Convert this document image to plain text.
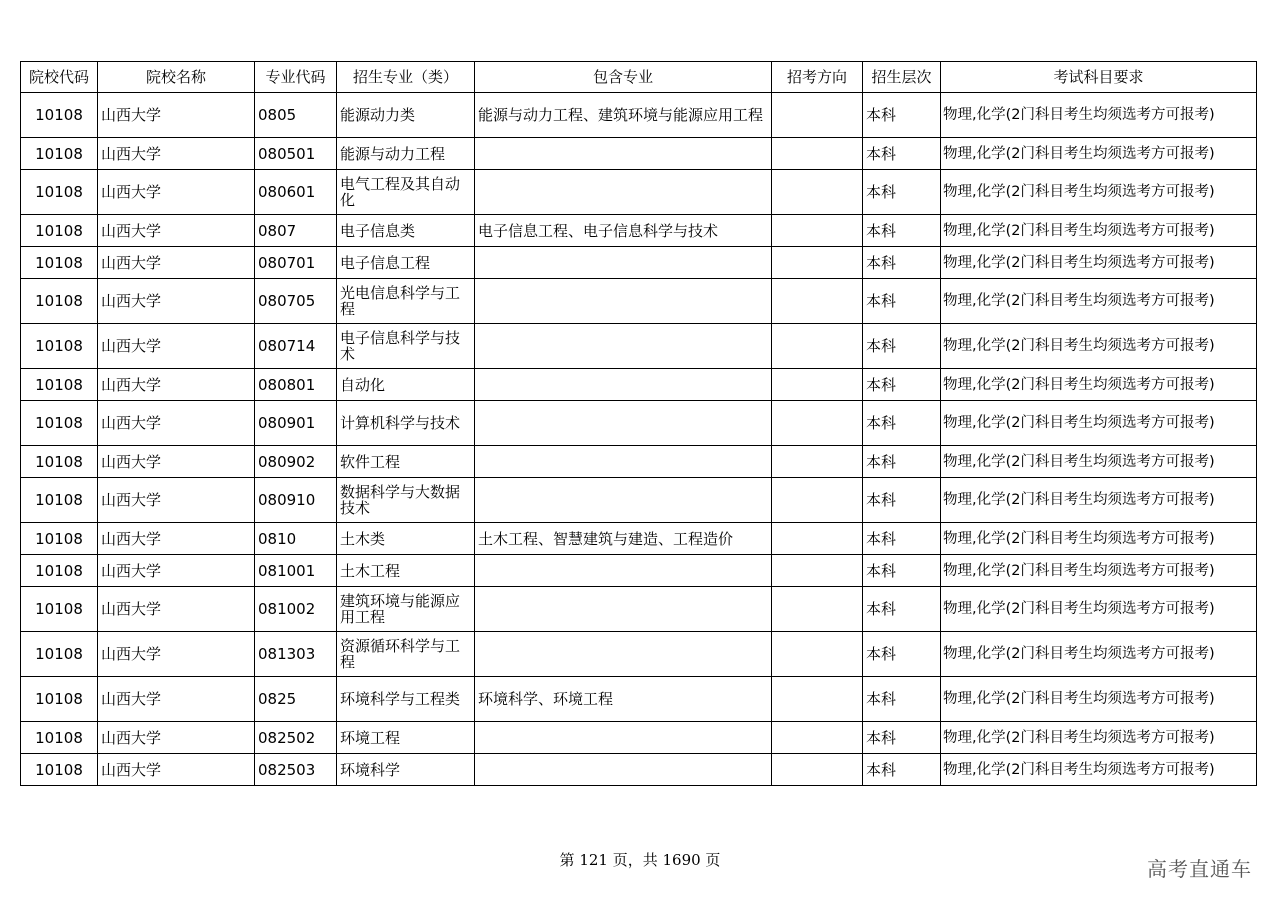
院校代码	院校名称	专业代码	招生专业（类）	包含专业	招考方向	招生层次	考试科目要求
10108	山西大学	0805	能源动力类	能源与动力工程、建筑环境与能源应用工程		本科	物理,化学(2门科目考生均须选考方可报考)
10108	山西大学	080501	能源与动力工程			本科	物理,化学(2门科目考生均须选考方可报考)
10108	山西大学	080601	电气工程及其自动化			本科	物理,化学(2门科目考生均须选考方可报考)
10108	山西大学	0807	电子信息类	电子信息工程、电子信息科学与技术		本科	物理,化学(2门科目考生均须选考方可报考)
10108	山西大学	080701	电子信息工程			本科	物理,化学(2门科目考生均须选考方可报考)
10108	山西大学	080705	光电信息科学与工程			本科	物理,化学(2门科目考生均须选考方可报考)
10108	山西大学	080714	电子信息科学与技术			本科	物理,化学(2门科目考生均须选考方可报考)
10108	山西大学	080801	自动化			本科	物理,化学(2门科目考生均须选考方可报考)
10108	山西大学	080901	计算机科学与技术			本科	物理,化学(2门科目考生均须选考方可报考)
10108	山西大学	080902	软件工程			本科	物理,化学(2门科目考生均须选考方可报考)
10108	山西大学	080910	数据科学与大数据技术			本科	物理,化学(2门科目考生均须选考方可报考)
10108	山西大学	0810	土木类	土木工程、智慧建筑与建造、工程造价		本科	物理,化学(2门科目考生均须选考方可报考)
10108	山西大学	081001	土木工程			本科	物理,化学(2门科目考生均须选考方可报考)
10108	山西大学	081002	建筑环境与能源应用工程			本科	物理,化学(2门科目考生均须选考方可报考)
10108	山西大学	081303	资源循环科学与工程			本科	物理,化学(2门科目考生均须选考方可报考)
10108	山西大学	0825	环境科学与工程类	环境科学、环境工程		本科	物理,化学(2门科目考生均须选考方可报考)
10108	山西大学	082502	环境工程			本科	物理,化学(2门科目考生均须选考方可报考)
10108	山西大学	082503	环境科学			本科	物理,化学(2门科目考生均须选考方可报考)
第 121 页，共 1690 页	高考直通车
